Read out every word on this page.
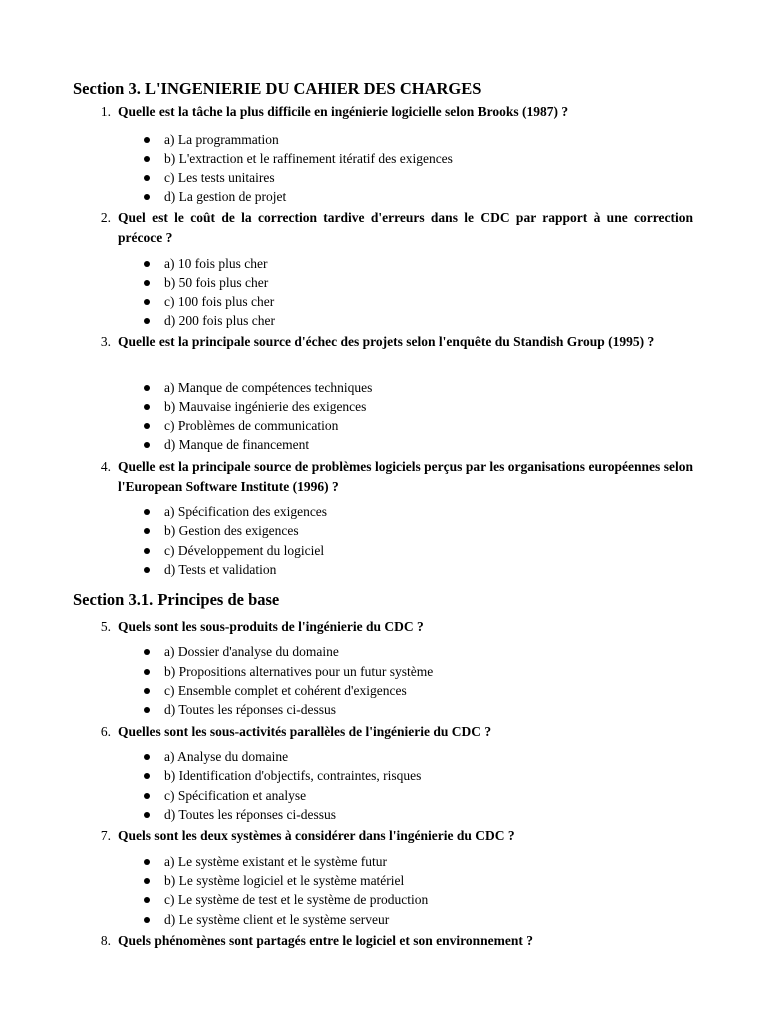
Section 3. L'INGENIERIE DU CAHIER DES CHARGES
1. Quelle est la tâche la plus difficile en ingénierie logicielle selon Brooks (1987) ?

a) La programmation
b) L'extraction et le raffinement itératif des exigences
c) Les tests unitaires
d) La gestion de projet
2. Quel est le coût de la correction tardive d'erreurs dans le CDC par rapport à une correction précoce ?

a) 10 fois plus cher
b) 50 fois plus cher
c) 100 fois plus cher
d) 200 fois plus cher
3. Quelle est la principale source d'échec des projets selon l'enquête du Standish Group (1995) ?

a) Manque de compétences techniques
b) Mauvaise ingénierie des exigences
c) Problèmes de communication
d) Manque de financement
4. Quelle est la principale source de problèmes logiciels perçus par les organisations européennes selon l'European Software Institute (1996) ?

a) Spécification des exigences
b) Gestion des exigences
c) Développement du logiciel
d) Tests et validation
Section 3.1. Principes de base
5. Quels sont les sous-produits de l'ingénierie du CDC ?

a) Dossier d'analyse du domaine
b) Propositions alternatives pour un futur système
c) Ensemble complet et cohérent d'exigences
d) Toutes les réponses ci-dessus
6. Quelles sont les sous-activités parallèles de l'ingénierie du CDC ?

a) Analyse du domaine
b) Identification d'objectifs, contraintes, risques
c) Spécification et analyse
d) Toutes les réponses ci-dessus
7. Quels sont les deux systèmes à considérer dans l'ingénierie du CDC ?

a) Le système existant et le système futur
b) Le système logiciel et le système matériel
c) Le système de test et le système de production
d) Le système client et le système serveur
8. Quels phénomènes sont partagés entre le logiciel et son environnement ?
